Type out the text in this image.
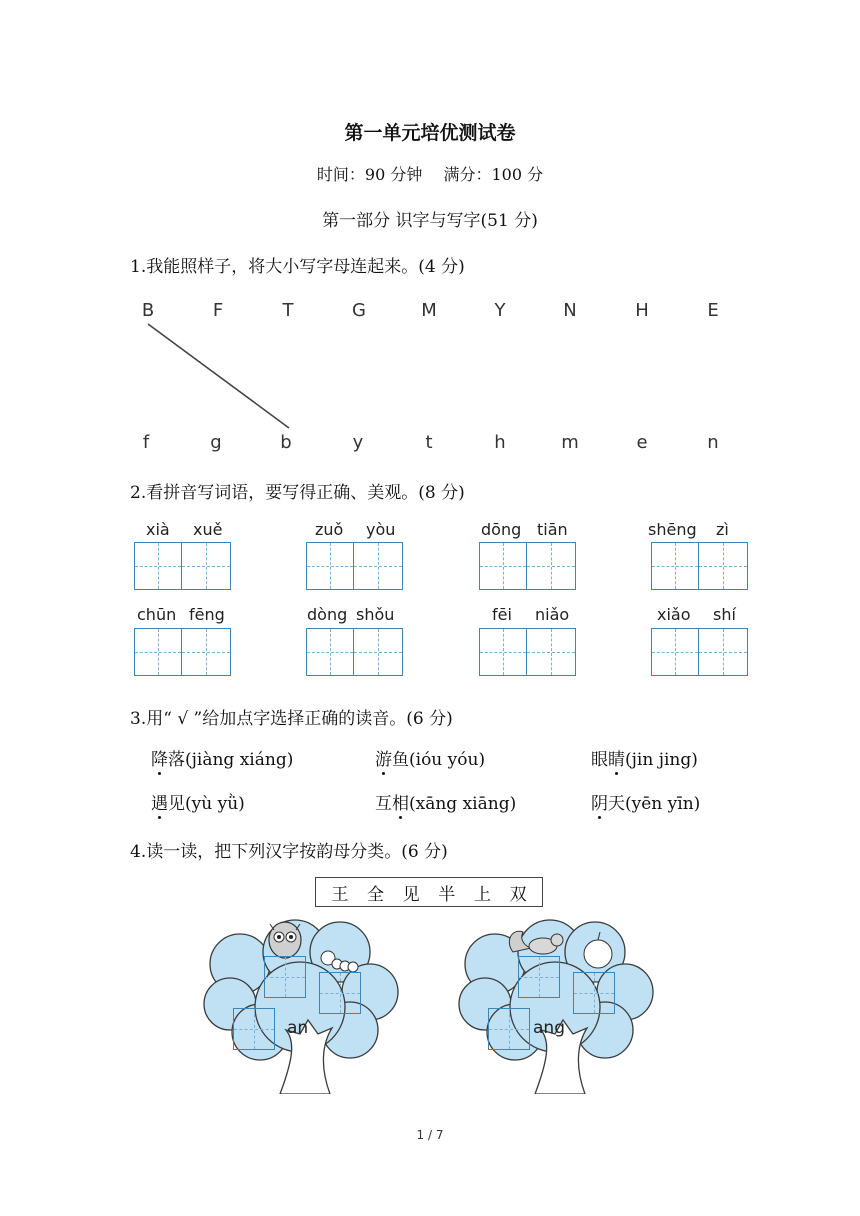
第一单元培优测试卷
时间：90 分钟 满分：100 分
第一部分 识字与写字(51 分)
1.我能照样子，将大小写字母连起来。(4 分)
B	F	T	G	M	Y	N	H	E
f	g	b	y	t	h	m	e	n
2.看拼音写词语，要写得正确、美观。(8 分)
xià xuě	zuǒ yòu	dōng tiān	shēng zì
chūn fēng	dòng shǒu	fēi niǎo	xiǎo shí
3.用“ √ ”给加点字选择正确的读音。(6 分)
降落(jiàng xiáng)	游鱼(ióu yóu)	眼睛(jin jing)
遇见(yù yǜ)	互相(xāng xiāng)	阴天(yēn yīn)
4.读一读，把下列汉字按韵母分类。(6 分)
王 全 见 半 上 双
an	ang
1 / 7
